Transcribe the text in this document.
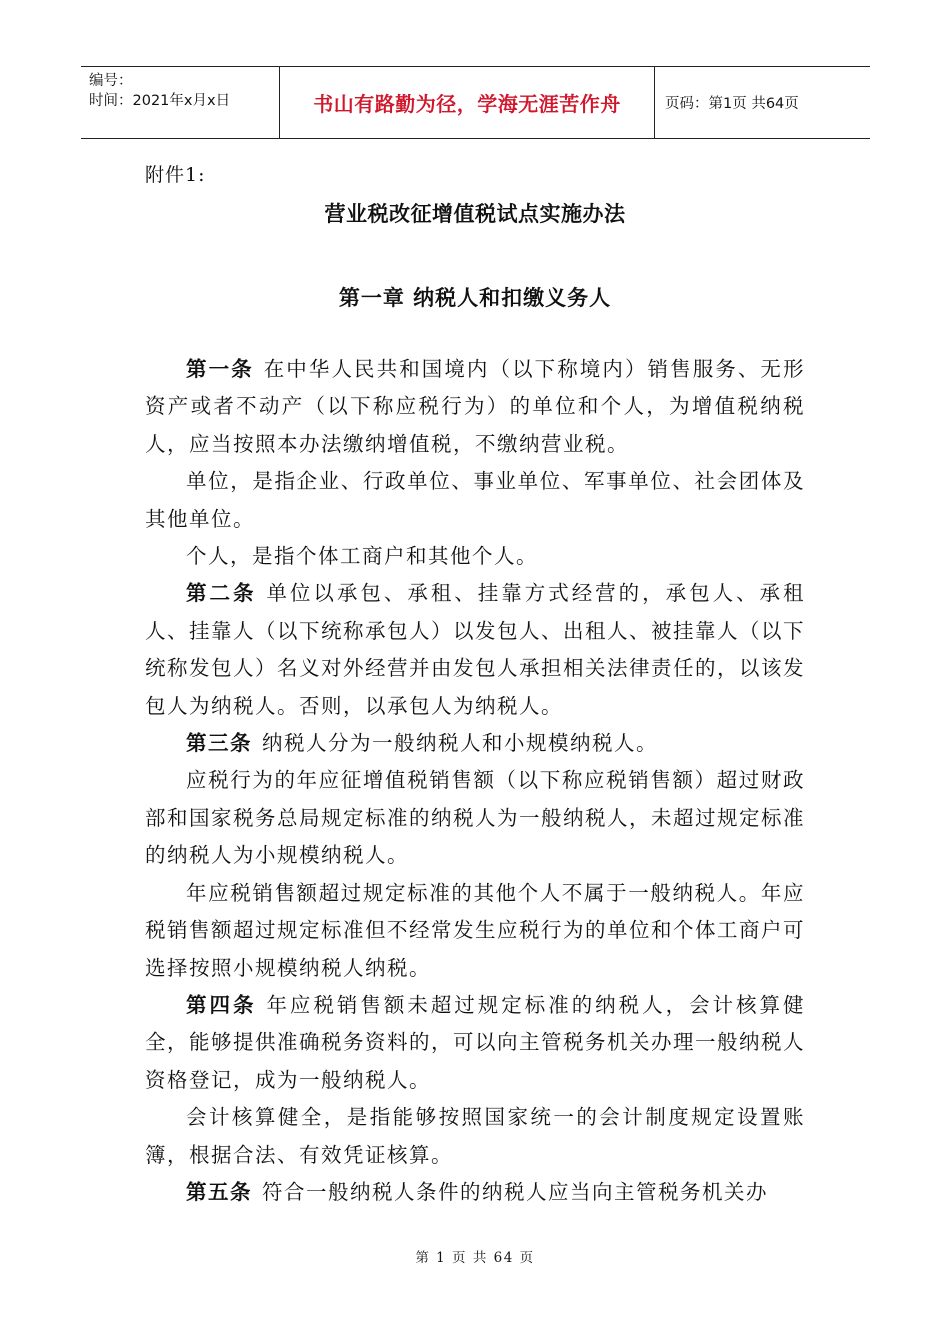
编号：
时间：2021年x月x日	书山有路勤为径，学海无涯苦作舟	页码：第1页 共64页
附件1:
营业税改征增值税试点实施办法
第一章 纳税人和扣缴义务人

第一条 在中华人民共和国境内（以下称境内）销售服务、无形资产或者不动产（以下称应税行为）的单位和个人，为增值税纳税人，应当按照本办法缴纳增值税，不缴纳营业税。

单位，是指企业、行政单位、事业单位、军事单位、社会团体及其他单位。

个人，是指个体工商户和其他个人。

第二条 单位以承包、承租、挂靠方式经营的，承包人、承租人、挂靠人（以下统称承包人）以发包人、出租人、被挂靠人（以下统称发包人）名义对外经营并由发包人承担相关法律责任的，以该发包人为纳税人。否则，以承包人为纳税人。

第三条 纳税人分为一般纳税人和小规模纳税人。

应税行为的年应征增值税销售额（以下称应税销售额）超过财政部和国家税务总局规定标准的纳税人为一般纳税人，未超过规定标准的纳税人为小规模纳税人。

年应税销售额超过规定标准的其他个人不属于一般纳税人。年应税销售额超过规定标准但不经常发生应税行为的单位和个体工商户可选择按照小规模纳税人纳税。

第四条 年应税销售额未超过规定标准的纳税人，会计核算健全，能够提供准确税务资料的，可以向主管税务机关办理一般纳税人资格登记，成为一般纳税人。

会计核算健全，是指能够按照国家统一的会计制度规定设置账簿，根据合法、有效凭证核算。

第五条 符合一般纳税人条件的纳税人应当向主管税务机关办

第 1 页 共 64 页
